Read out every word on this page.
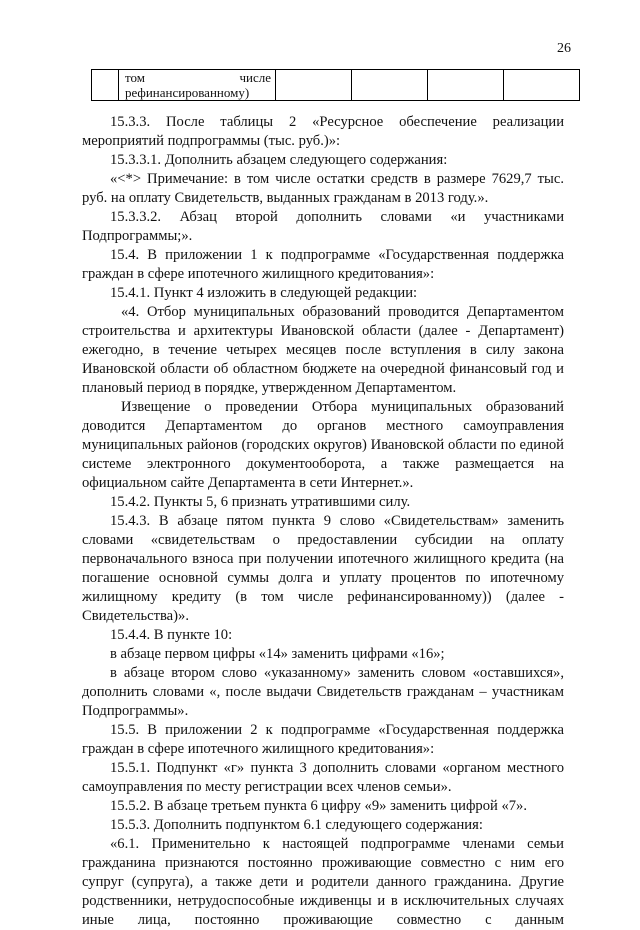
26

том	числе
рефинансированному)

15.3.3. После таблицы 2 «Ресурсное обеспечение реализации мероприятий подпрограммы (тыс. руб.)»:

15.3.3.1. Дополнить абзацем следующего содержания:

«<*> Примечание: в том числе остатки средств в размере 7629,7 тыс. руб. на оплату Свидетельств, выданных гражданам в 2013 году.».

15.3.3.2. Абзац второй дополнить словами «и участниками Подпрограммы;».

15.4. В приложении 1 к подпрограмме «Государственная поддержка граждан в сфере ипотечного жилищного кредитования»:

15.4.1. Пункт 4 изложить в следующей редакции:

«4. Отбор муниципальных образований проводится Департаментом строительства и архитектуры Ивановской области (далее - Департамент) ежегодно, в течение четырех месяцев после вступления в силу закона Ивановской области об областном бюджете на очередной финансовый год и плановый период в порядке, утвержденном Департаментом.

Извещение о проведении Отбора муниципальных образований доводится Департаментом до органов местного самоуправления муниципальных районов (городских округов) Ивановской области по единой системе электронного документооборота, а также размещается на официальном сайте Департамента в сети Интернет.».

15.4.2. Пункты 5, 6 признать утратившими силу.

15.4.3. В абзаце пятом пункта 9 слово «Свидетельствам» заменить словами «свидетельствам о предоставлении субсидии на оплату первоначального взноса при получении ипотечного жилищного кредита (на погашение основной суммы долга и уплату процентов по ипотечному жилищному кредиту (в том числе рефинансированному)) (далее - Свидетельства)».

15.4.4. В пункте 10:

в абзаце первом цифры «14» заменить цифрами «16»;

в абзаце втором слово «указанному» заменить словом «оставшихся», дополнить словами «, после выдачи Свидетельств гражданам – участникам Подпрограммы».

15.5. В приложении 2 к подпрограмме «Государственная поддержка граждан в сфере ипотечного жилищного кредитования»:

15.5.1. Подпункт «г» пункта 3 дополнить словами «органом местного самоуправления по месту регистрации всех членов семьи».

15.5.2. В абзаце третьем пункта 6 цифру «9» заменить цифрой «7».

15.5.3. Дополнить подпунктом 6.1 следующего содержания:

«6.1. Применительно к настоящей подпрограмме членами семьи гражданина признаются постоянно проживающие совместно с ним его супруг (супруга), а также дети и родители данного гражданина. Другие родственники, нетрудоспособные иждивенцы и в исключительных случаях иные лица, постоянно проживающие совместно с данным
